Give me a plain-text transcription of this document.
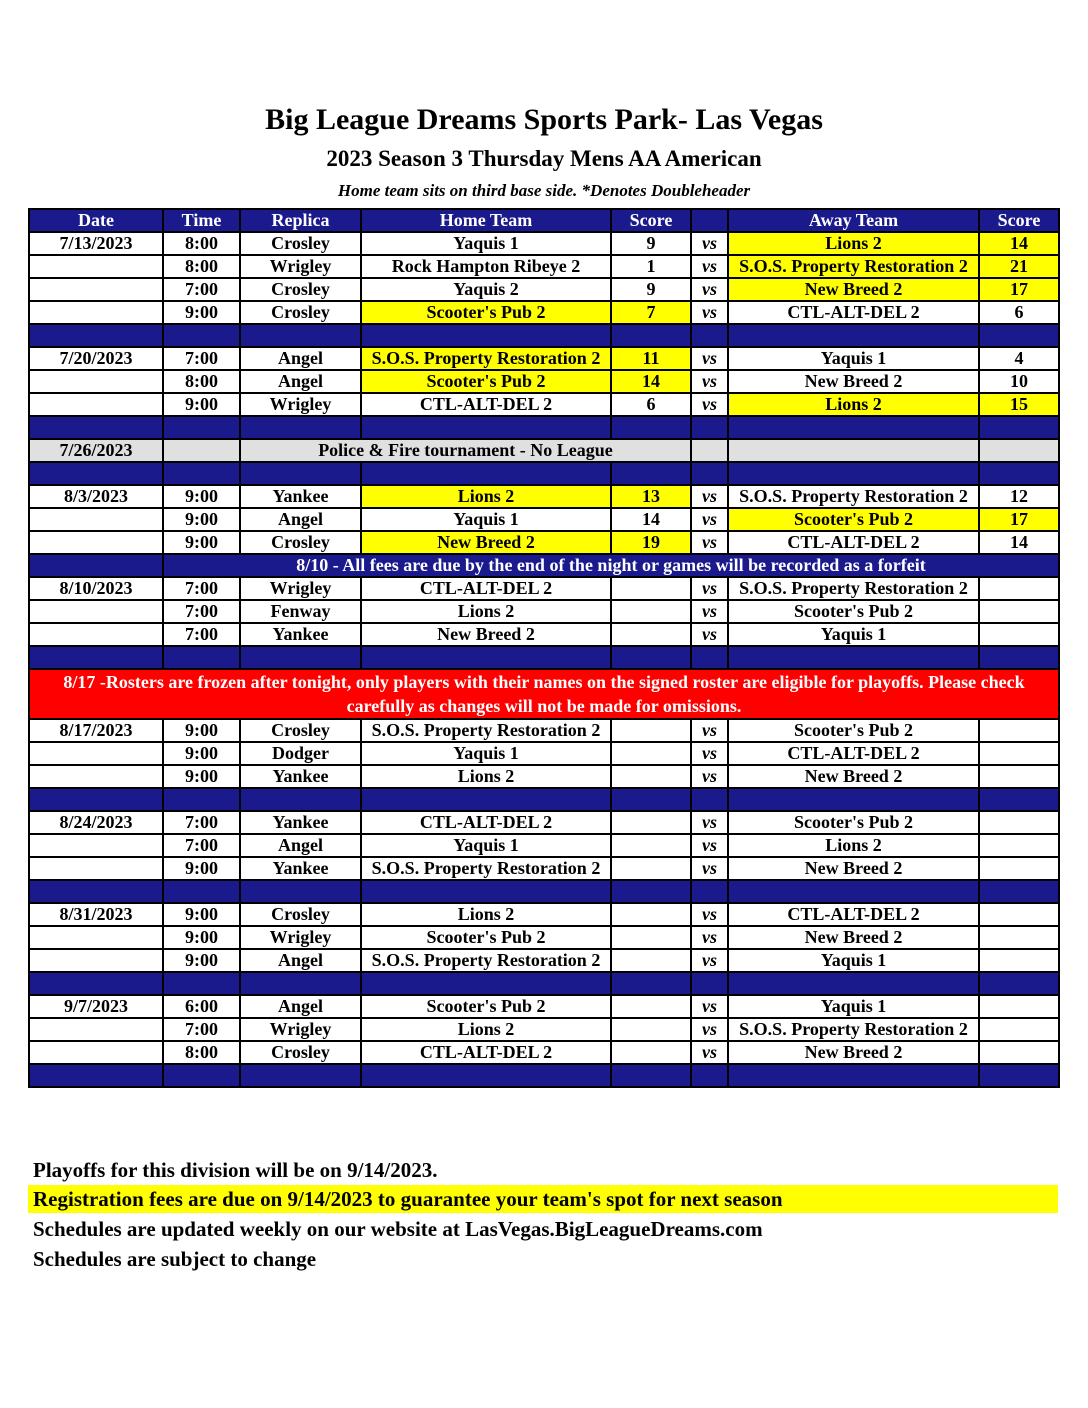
Big League Dreams Sports Park- Las Vegas
2023 Season 3 Thursday Mens AA American
Home team sits on third base side. *Denotes Doubleheader
Date	Time	Replica	Home Team	Score		Away Team	Score
7/13/2023	8:00	Crosley	Yaquis 1	9	vs	Lions 2	14
	8:00	Wrigley	Rock Hampton Ribeye 2	1	vs	S.O.S. Property Restoration 2	21
	7:00	Crosley	Yaquis 2	9	vs	New Breed 2	17
	9:00	Crosley	Scooter's Pub 2	7	vs	CTL-ALT-DEL 2	6

7/20/2023	7:00	Angel	S.O.S. Property Restoration 2	11	vs	Yaquis 1	4
	8:00	Angel	Scooter's Pub 2	14	vs	New Breed 2	10
	9:00	Wrigley	CTL-ALT-DEL 2	6	vs	Lions 2	15

7/26/2023		Police & Fire tournament - No League					

8/3/2023	9:00	Yankee	Lions 2	13	vs	S.O.S. Property Restoration 2	12
	9:00	Angel	Yaquis 1	14	vs	Scooter's Pub 2	17
	9:00	Crosley	New Breed 2	19	vs	CTL-ALT-DEL 2	14
	8/10 - All fees are due by the end of the night or games will be recorded as a forfeit						
8/10/2023	7:00	Wrigley	CTL-ALT-DEL 2		vs	S.O.S. Property Restoration 2	
	7:00	Fenway	Lions 2		vs	Scooter's Pub 2	
	7:00	Yankee	New Breed 2		vs	Yaquis 1	

8/17 -Rosters are frozen after tonight, only players with their names on the signed roster are eligible for playoffs. Please check carefully as changes will not be made for omissions.							
8/17/2023	9:00	Crosley	S.O.S. Property Restoration 2		vs	Scooter's Pub 2	
	9:00	Dodger	Yaquis 1		vs	CTL-ALT-DEL 2	
	9:00	Yankee	Lions 2		vs	New Breed 2	

8/24/2023	7:00	Yankee	CTL-ALT-DEL 2		vs	Scooter's Pub 2	
	7:00	Angel	Yaquis 1		vs	Lions 2	
	9:00	Yankee	S.O.S. Property Restoration 2		vs	New Breed 2	

8/31/2023	9:00	Crosley	Lions 2		vs	CTL-ALT-DEL 2	
	9:00	Wrigley	Scooter's Pub 2		vs	New Breed 2	
	9:00	Angel	S.O.S. Property Restoration 2		vs	Yaquis 1	

9/7/2023	6:00	Angel	Scooter's Pub 2		vs	Yaquis 1	
	7:00	Wrigley	Lions 2		vs	S.O.S. Property Restoration 2	
	8:00	Crosley	CTL-ALT-DEL 2		vs	New Breed 2	

Playoffs for this division will be on 9/14/2023.
Registration fees are due on 9/14/2023 to guarantee your team's spot for next season
Schedules are updated weekly on our website at LasVegas.BigLeagueDreams.com
Schedules are subject to change
